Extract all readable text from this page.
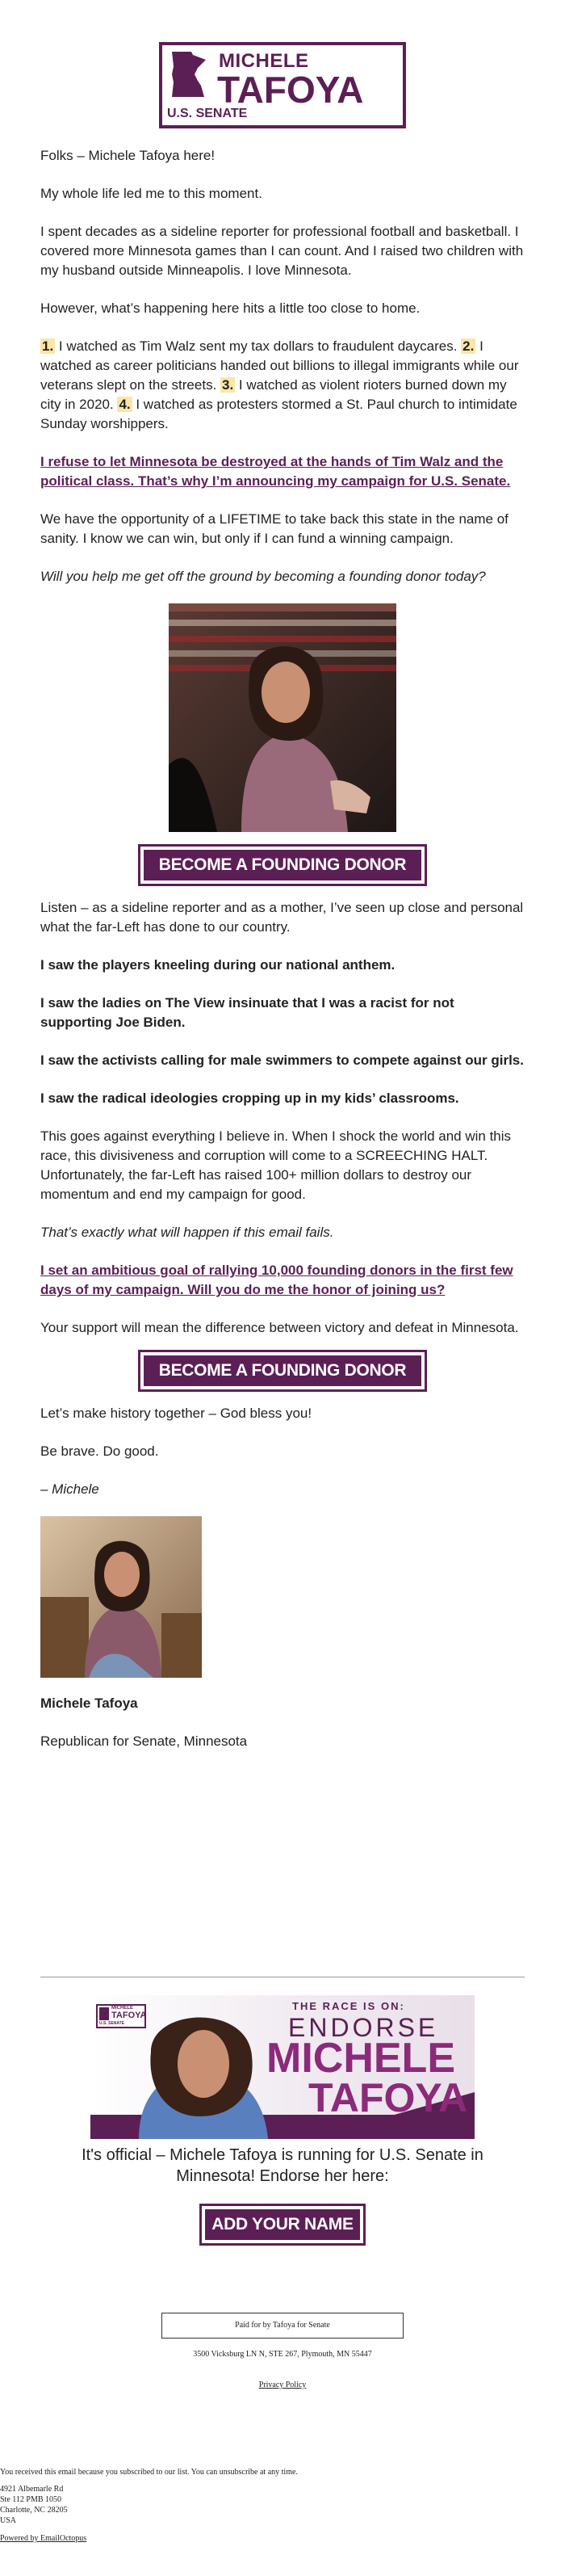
MICHELE
TAFOYA
U.S. SENATE

Folks – Michele Tafoya here!

My whole life led me to this moment.

I spent decades as a sideline reporter for professional football and basketball. I covered more Minnesota games than I can count. And I raised two children with my husband outside Minneapolis. I love Minnesota.

However, what’s happening here hits a little too close to home.

1. I watched as Tim Walz sent my tax dollars to fraudulent daycares. 2. I watched as career politicians handed out billions to illegal immigrants while our veterans slept on the streets. 3. I watched as violent rioters burned down my city in 2020. 4. I watched as protesters stormed a St. Paul church to intimidate Sunday worshippers.

I refuse to let Minnesota be destroyed at the hands of Tim Walz and the political class. That’s why I’m announcing my campaign for U.S. Senate.

We have the opportunity of a LIFETIME to take back this state in the name of sanity. I know we can win, but only if I can fund a winning campaign.

Will you help me get off the ground by becoming a founding donor today?

BECOME A FOUNDING DONOR

Listen – as a sideline reporter and as a mother, I’ve seen up close and personal what the far-Left has done to our country.

I saw the players kneeling during our national anthem.

I saw the ladies on The View insinuate that I was a racist for not supporting Joe Biden.

I saw the activists calling for male swimmers to compete against our girls.

I saw the radical ideologies cropping up in my kids’ classrooms.

This goes against everything I believe in. When I shock the world and win this race, this divisiveness and corruption will come to a SCREECHING HALT. Unfortunately, the far-Left has raised 100+ million dollars to destroy our momentum and end my campaign for good.

That’s exactly what will happen if this email fails.

I set an ambitious goal of rallying 10,000 founding donors in the first few days of my campaign. Will you do me the honor of joining us?

Your support will mean the difference between victory and defeat in Minnesota.

BECOME A FOUNDING DONOR

Let’s make history together – God bless you!

Be brave. Do good.

– Michele

Michele Tafoya

Republican for Senate, Minnesota

MICHELE
TAFOYA
U.S. SENATE
THE RACE IS ON:
ENDORSE
MICHELE
TAFOYA

It's official – Michele Tafoya is running for U.S. Senate in Minnesota! Endorse her here:

ADD YOUR NAME
Paid for by Tafoya for Senate
3500 Vicksburg LN N, STE 267, Plymouth, MN 55447
Privacy Policy
You received this email because you subscribed to our list. You can unsubscribe at any time.
4921 Albemarle Rd
Ste 112 PMB 1050
Charlotte, NC 28205
USA
Powered by EmailOctopus
